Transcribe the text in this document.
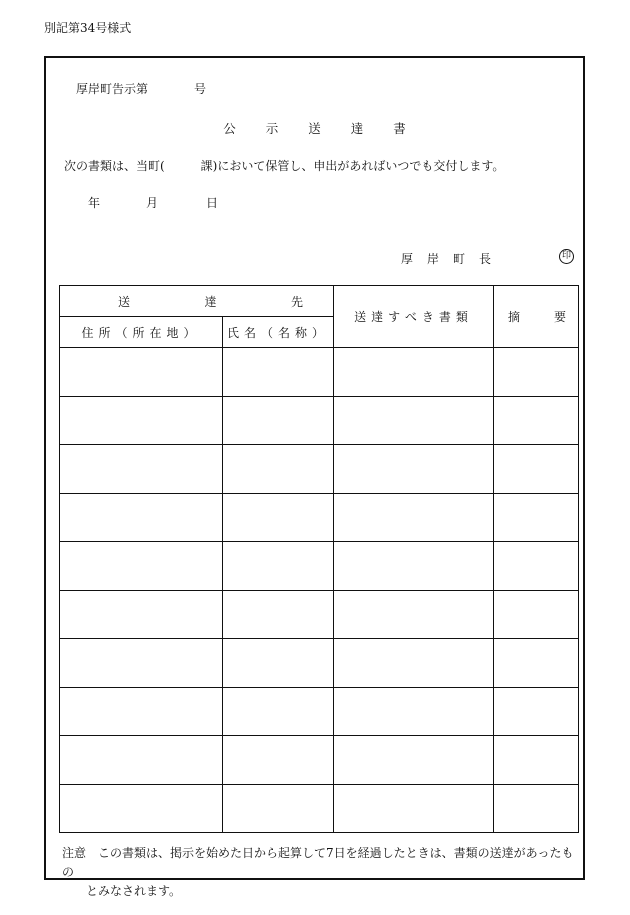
別記第34号様式
厚岸町告示第	号
公示送達書
次の書類は、当町(　　　課)において保管し、申出があればいつでも交付します。
年	月	日
厚岸町長	印
送 達 先		送達すべき書類	摘 要

住所（所在地）	氏名（名称）		

注意 この書類は、掲示を始めた日から起算して7日を経過したときは、書類の送達があったもの
とみなされます。
